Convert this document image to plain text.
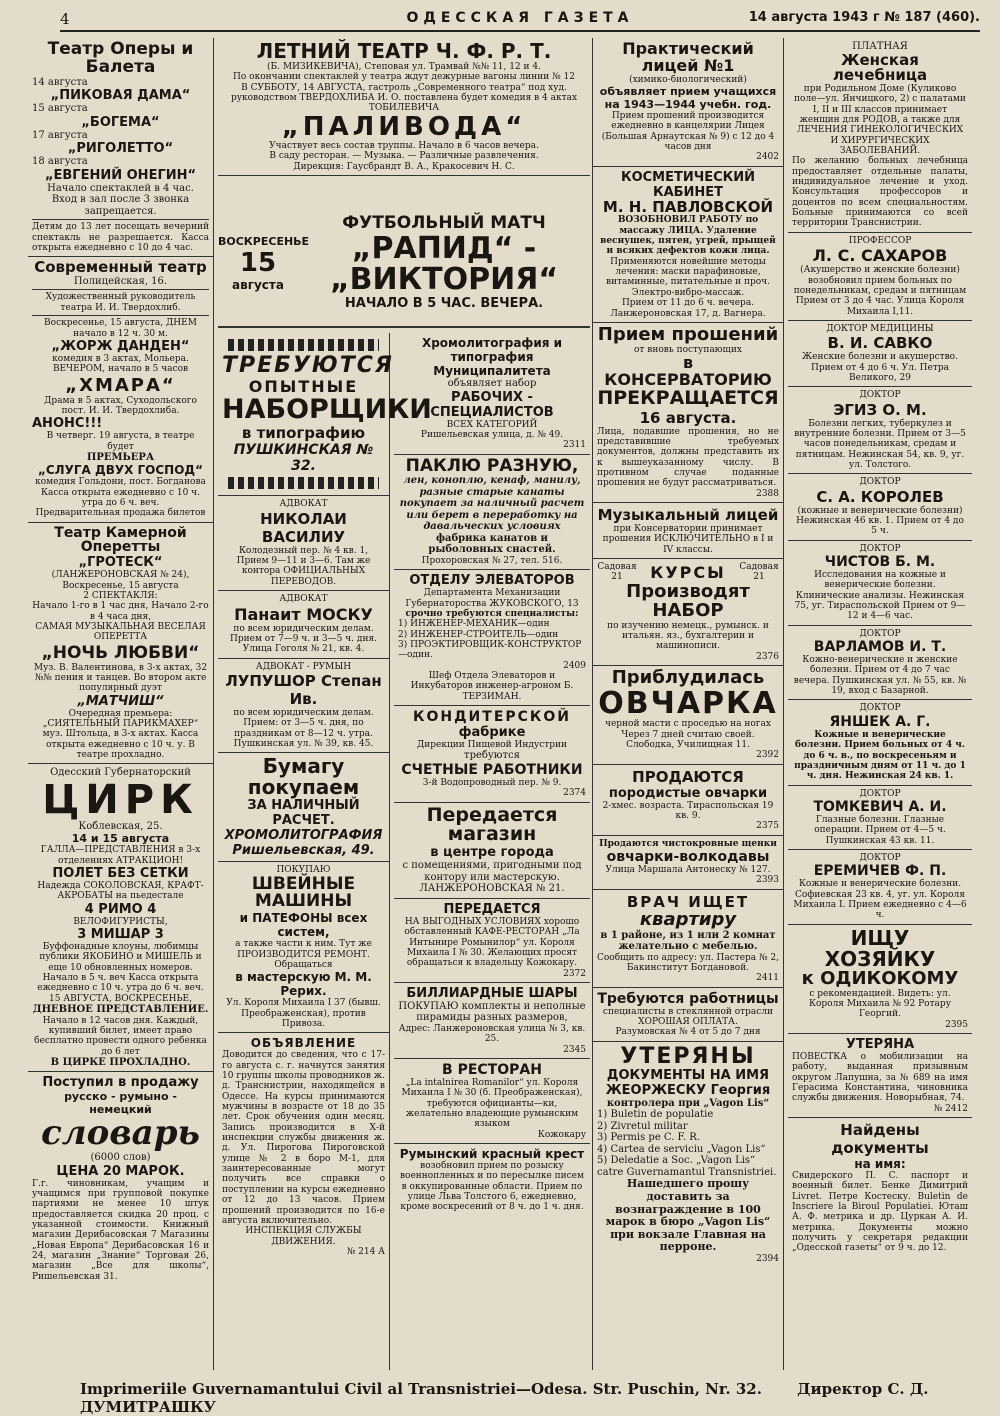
4	ОДЕССКАЯ ГАЗЕТА	14 августа 1943 г № 187 (460).
Театр Оперы и Балета
14 августа
„ПИКОВАЯ ДАМА“
15 августа
„БОГЕМА“
17 августа
„РИГОЛЕТТО“
18 августа
„ЕВГЕНИЙ ОНЕГИН“
Начало спектаклей в 4 час.
Вход в зал после 3 звонка запрещается.
Детям до 13 лет посещать вечерний спектакль не разрешается. Касса открыта ежедневно с 10 до 4 час.
Современный театр
Полицейская, 16.
Художественный руководитель театра И. И. Твердохлиб.
Воскресенье, 15 августа, ДНЕМ начало в 12 ч. 30 м.
„ЖОРЖ ДАНДЕН“
комедия в 3 актах, Мольера. ВЕЧЕРОМ, начало в 5 часов
„ХМАРА“
Драма в 5 актах, Суходольского пост. И. И. Твердохлиба.
АНОНС!!!
В четверг. 19 августа, в театре будет
ПРЕМЬЕРА
„СЛУГА ДВУХ ГОСПОД“
комедия Гольдони, пост. Богданова Касса открыта ежедневно с 10 ч. утра до 6 ч. веч.
Предварительная продажа билетов
Театр Камерной Оперетты
„ГРОТЕСК“
(ЛАНЖЕРОНОВСКАЯ № 24),
Воскресенье, 15 августа
2 СПЕКТАКЛЯ:
Начало 1-го в 1 час дня, Начало 2-го в 4 часа дня,
САМАЯ МУЗЫКАЛЬНАЯ ВЕСЕЛАЯ ОПЕРЕТТА
„НОЧЬ ЛЮБВИ“
Муз. В. Валентинова, в 3-х актах, 32 №№ пения и танцев. Во втором акте популярный дуэт
„МАТЧИШ“
Очередная премьера: „СИЯТЕЛЬНЫЙ ПАРИКМАХЕР“ муз. Штольца, в 3-х актах. Касса открыта ежедневно с 10 ч. у. В театре прохладно.
Одесский Губернаторский
ЦИРК
Коблевская, 25.
14 и 15 августа
ГАЛЛА—ПРЕДСТАВЛЕНИЯ в 3-х отделениях АТРАКЦИОН!
ПОЛЕТ БЕЗ СЕТКИ
Надежда СОКОЛОВСКАЯ, КРАФТ-АКРОБАТЫ на пьедестале
4 РИМО 4
ВЕЛОФИГУРИСТЫ,
3 МИШАР 3
Буффонадные клоуны, любимцы публики ЯКОБИНО и МИШЕЛЬ и еще 10 обновленных номеров. Начало в 5 ч. веч Касса открыта ежедневно с 10 ч. утра до 6 ч. веч.
15 АВГУСТА, ВОСКРЕСЕНЬЕ,
ДНЕВНОЕ ПРЕДСТАВЛЕНИЕ.
Начало в 12 часов дня. Каждый, купивший билет, имеет право бесплатно провести одного ребенка до 6 лет
В ЦИРКЕ ПРОХЛАДНО.
Поступил в продажу
русско - румыно - немецкий
словарь
(6000 слов)
ЦЕНА 20 МАРОК.
Г.г. чиновникам, учащим и учащимся при групповой покупке партиями не менее 10 штук предоставляется скидка 20 проц. с указанной стоимости. Книжный магазин Дерибасовская 7 Магазины „Новая Европа“ Дерибасовская 16 и 24, магазин „Знание“ Торговая 26, магазин „Все для школы“, Ришельевская 31.
ЛЕТНИЙ ТЕАТР Ч. Ф. Р. Т.
(Б. МИЗИКЕВИЧА), Степовая ул. Трамвай №№ 11, 12 и 4.
По окончании спектаклей у театра ждут дежурные вагоны линии № 12
В СУББОТУ, 14 АВГУСТА, гастроль „Современного театра“ под худ. руководством ТВЕРДОХЛИБА И. О. поставлена будет комедия в 4 актах ТОБИЛЕВИЧА
„ПАЛИВОДА“
Участвует весь состав труппы. Начало в 6 часов вечера.
В саду ресторан. — Музыка. — Различные развлечения.
Дирекция: Гаусбрандт В. А., Кракосевич Н. С.
ВОСКРЕСЕНЬЕ
15
августа
ФУТБОЛЬНЫЙ МАТЧ
„РАПИД“ - „ВИКТОРИЯ“
НАЧАЛО В 5 ЧАС. ВЕЧЕРА.
ТРЕБУЮТСЯ
ОПЫТНЫЕ
НАБОРЩИКИ
в типографию
ПУШКИНСКАЯ № 32.
АДВОКАТ
НИКОЛАИ ВАСИЛИУ
Колодезный пер. № 4 кв. 1, Прием 9—11 и 3—6. Там же контора ОФИЦИАЛЬНЫХ ПЕРЕВОДОВ.
АДВОКАТ
Панаит МОСКУ
по всем юридическим делам. Прием от 7—9 ч. и 3—5 ч. дня. Улица Гоголя № 21, кв. 4.
АДВОКАТ - РУМЫН
ЛУПУШОР Степан Ив.
по всем юридическим делам. Прием: от 3—5 ч. дня, по праздникам от 8—12 ч. утра. Пушкинская ул. № 39, кв. 45.
Бумагу покупаем
ЗА НАЛИЧНЫЙ РАСЧЕТ.
ХРОМОЛИТОГРАФИЯ
Ришельевская, 49.
ПОКУПАЮ
ШВЕЙНЫЕ МАШИНЫ
и ПАТЕФОНЫ всех систем,
а также части к ним. Тут же ПРОИЗВОДИТСЯ РЕМОНТ. Обращаться
в мастерскую М. М. Рерих.
Ул. Короля Михаила I 37 (бывш. Преображенская), против Привоза.
ОБЪЯВЛЕНИЕ
Доводится до сведения, что с 17-го августа с. г. начнутся занятия 10 группы школы проводников ж. д. Транснистрии, находящейся в Одессе. На курсы принимаются мужчины в возрасте от 18 до 35 лет. Срок обучения один месяц. Запись производится в Х-й инспекции службы движения ж. д. Ул. Пирогова Пироговской улице № 2 в боро М-1, для заинтересованные могут получить все справки о поступлении на курсы ежедневно от 12 до 13 часов. Прием прошений производится по 16-е августа включительно.
ИНСПЕКЦИЯ СЛУЖБЫ ДВИЖЕНИЯ.
№ 214 А
Хромолитография и типография Муниципалитета
объявляет набор
РАБОЧИХ - СПЕЦИАЛИСТОВ
ВСЕХ КАТЕГОРИЙ
Ришельевская улица, д. № 49.
2311
ПАКЛЮ РАЗНУЮ,
лен, коноплю, кенаф, манилу, разные старые канаты покупает за наличный расчет или берет в переработку на давальческих условиях
фабрика канатов и рыболовных снастей.
Прохоровская № 27, тел. 516.
ОТДЕЛУ ЭЛЕВАТОРОВ
Департамента Механизации Губернатороства ЖУКОВСКОГО, 13
срочно требуются специалисты:
1) ИНЖЕНЕР-МЕХАНИК—один
2) ИНЖЕНЕР-СТРОИТЕЛЬ—один
3) ПРОЭКТИРОВЩИК-КОНСТРУКТОР—один.
2409
Шеф Отдела Элеваторов и Инкубаторов инженер-агроном Б. ТЕРЗИМАН.
КОНДИТЕРСКОЙ
фабрике
Дирекции Пищевой Индустрии
требуются
СЧЕТНЫЕ РАБОТНИКИ
3-й Водопроводный пер. № 9.
2374
Передается магазин
в центре города
с помещениями, пригодными под контору или мастерскую. ЛАНЖЕРОНОВСКАЯ № 21.
ПЕРЕДАЕТСЯ
НА ВЫГОДНЫХ УСЛОВИЯХ хорошо обставленный КАФЕ-РЕСТОРАН „Ла Интынире Ромынилор“ ул. Короля Михаила I № 30. Желающих просят обращаться к владельцу Кожокару.
2372
БИЛЛИАРДНЫЕ ШАРЫ
ПОКУПАЮ комплекты и неполные пирамиды разных размеров,
Адрес: Ланжероновская улица № 3, кв. 25.
2345
В РЕСТОРАН
„La intalnirea Romanilor“ ул. Короля Михаила I № 30 (б. Преображенская), требуются официанты—ки, желательно владеющие румынским языком
Кожокару
Румынский красный крест
возобновил прием по розыску военнопленных и по пересылке писем в оккупированные области. Прием по улице Льва Толстого 6, ежедневно, кроме воскресений от 8 ч. до 1 ч. дня.
Практический лицей №1
(химико-биологический)
объявляет прием учащихся
на 1943—1944 учебн. год.
Прием прошений производится ежедневно в канцелярии Лицея (Большая Арнаутская № 9) с 12 до 4 часов дня
2402
КОСМЕТИЧЕСКИЙ КАБИНЕТ
М. Н. ПАВЛОВСКОЙ
ВОЗОБНОВИЛ РАБОТУ по массажу ЛИЦА. Удаление веснушек, пятен, угрей, прыщей и всяких дефектов кожи лица.
Применяются новейшие методы лечения: маски парафиновые, витаминные, питательные и проч. Электро-вибро-массаж.
Прием от 11 до 6 ч. вечера.
Ланжероновская 17, д. Вагнера.
Прием прошений
от вновь поступающих
в КОНСЕРВАТОРИЮ
ПРЕКРАЩАЕТСЯ
16 августа.
Лица, подавшие прошения, но не представившие требуемых документов, должны представить их к вышеуказанному числу. В противном случае поданные прошения не будут рассматриваться.
2388
Музыкальный лицей
при Консерватории принимает прошения ИСКЛЮЧИТЕЛЬНО в I и IV классы.
Садовая 21	КУРСЫ Садовая 21
Производят НАБОР
по изучению немецк., румынск. и итальян. яз., бухгалтерии и машинописи.
2376
Приблудилась
ОВЧАРКА
черной масти с проседью на ногах Через 7 дней считаю своей. Слободка, Училищная 11.
2392
ПРОДАЮТСЯ
породистые овчарки
2-хмес. возраста. Тираспольская 19 кв. 9.
2375
Продаются чистокровные щенки
овчарки-волкодавы
Улица Маршала Антонеску № 127.
2393
ВРАЧ ИЩЕТ
квартиру
в 1 районе, из 1 или 2 комнат желательно с мебелью.
Сообщить по адресу: ул. Пастера № 2, Бакинститут Богдановой.
2411
Требуются работницы
специалисты в стеклянной отрасли ХОРОШАЯ ОПЛАТА.
Разумовская № 4 от 5 до 7 дня
УТЕРЯНЫ
ДОКУМЕНТЫ НА ИМЯ
ЖЕОРЖЕСКУ Георгия
контролера при „Vagon Lis“
1) Buletin de populatie
2) Zivretul militar
3) Permis pe C. F. R.
4) Cartea de serviciu „Vagon Lis“
5) Deledatie a Soc. „Vagon Lis“ catre Guvernamantul Transnistriei.
Нашедшего прошу доставить за вознаграждение в 100 марок в бюро „Vagon Lis“ при вокзале Главная на перроне.
2394
ПЛАТНАЯ
Женская лечебница
при Родильном Доме (Куликово поле—ул. Янчицкого, 2) с палатами I, II и III классов принимает женщин для РОДОВ, а также для ЛЕЧЕНИЯ ГИНЕКОЛОГИЧЕСКИХ И ХИРУРГИЧЕСКИХ ЗАБОЛЕВАНИЙ.
По желанию больных лечебница предоставляет отдельные палаты, индивидуальное лечение и уход. Консультация профессоров и доцентов по всем специальностям. Больные принимаются со всей территории Транснистрии.
ПРОФЕССОР
Л. С. САХАРОВ
(Акушерство и женские болезни) возобновил прием больных по понедельникам, средам и пятницам Прием от 3 до 4 час. Улица Короля Михаила I,11.
ДОКТОР МЕДИЦИНЫ
В. И. САВКО
Женские болезни и акушерство. Прием от 4 до 6 ч. Ул. Петра Великого, 29
ДОКТОР
ЭГИЗ О. М.
Болезни легких, туберкулез и внутренние болезни. Прием от 3—5 часов понедельникам, средам и пятницам. Нежинская 54, кв. 9, уг. ул. Толстого.
ДОКТОР
С. А. КОРОЛЕВ
(кожные и венерические болезни) Нежинская 46 кв. 1. Прием от 4 до 5 ч.
ДОКТОР
ЧИСТОВ Б. М.
Исследования на кожные и венерические болезни. Клинические анализы. Нежинская 75, уг. Тираспольской Прием от 9—12 и 4—6 час.
ДОКТОР
ВАРЛАМОВ И. Т.
Кожно-венерические и женские болезни. Прием от 4 до 7 час вечера. Пушкинская ул. № 55, кв. № 19, вход с Базарной.
ДОКТОР
ЯНШЕК А. Г.
Кожные и венерические болезни. Прием больных от 4 ч. до 6 ч. в., по воскресеньям и праздничным дням от 11 ч. до 1 ч. дня. Нежинская 24 кв. 1.
ДОКТОР
ТОМКЕВИЧ А. И.
Глазные болезни. Глазные операции. Прием от 4—5 ч. Пушкинская 43 кв. 11.
ДОКТОР
ЕРЕМИЧЕВ Ф. П.
Кожные и венерические болезни. Софиевская 23 кв. 4, уг. ул. Короля Михаила I. Прием ежедневно с 4—6 ч.
ИЩУ ХОЗЯЙКУ
к ОДИКОКОМУ
с рекомендацией. Видеть: ул. Короля Михаила № 92 Ротару Георгий.
2395
УТЕРЯНА
ПОВЕСТКА о мобилизации на работу, выданная призывным округом Лапушна, за № 689 на имя Герасима Константина, чиновника службы движения. Новорыбная, 74.
№ 2412
Найдены документы
на имя:
Свидерского П. С. паспорт и военный билет. Бенке Димитрий Livret. Петре Костеску. Buletin de Inscriere la Biroul Populatiei. Юташ А. Ф. метрика и др. Цуркан А. И. метрика. Документы можно получить у секретаря редакции „Одесской газеты“ от 9 ч. до 12.
Imprimeriile Guvernamantului Civil al Transnistriei—Odesa. Str. Puschin, Nr. 32. Директор С. Д. ДУМИТРАШКУ
